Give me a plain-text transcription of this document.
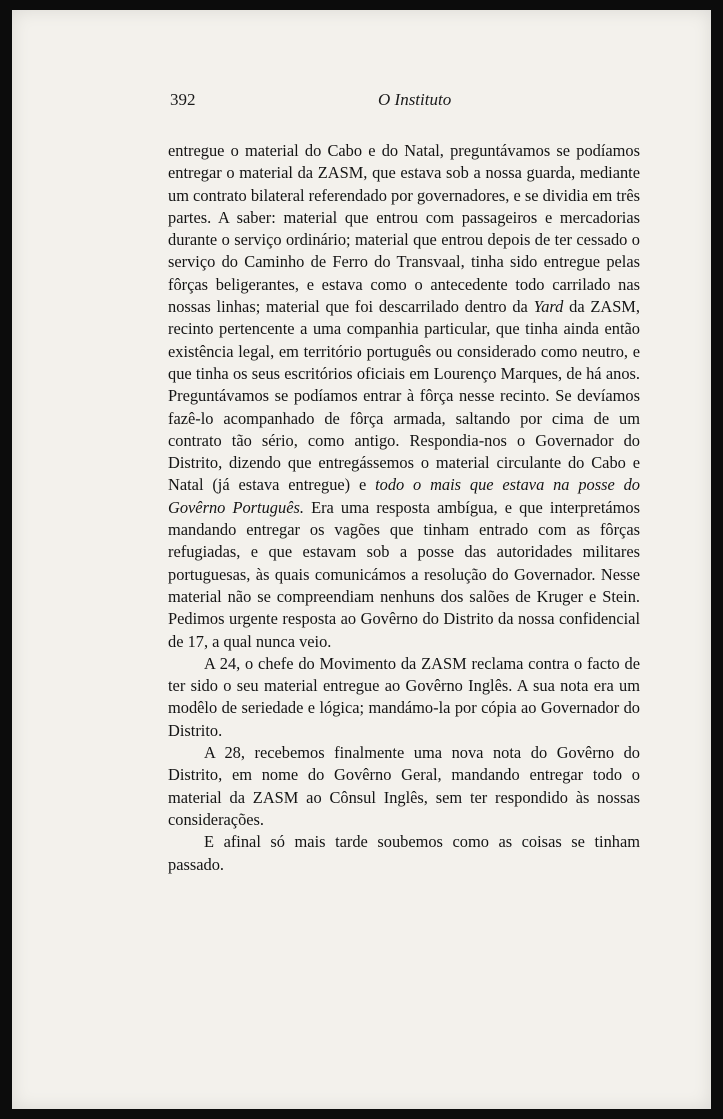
392	O Instituto

entregue o material do Cabo e do Natal, preguntávamos se podíamos entregar o material da ZASM, que estava sob a nossa guarda, mediante um contrato bilateral referendado por governadores, e se dividia em três partes. A saber: material que entrou com passageiros e mercadorias durante o serviço ordinário; material que entrou depois de ter cessado o serviço do Caminho de Ferro do Transvaal, tinha sido entregue pelas fôrças beligerantes, e estava como o antecedente todo carrilado nas nossas linhas; material que foi descarrilado dentro da Yard da ZASM, recinto pertencente a uma companhia particular, que tinha ainda então existência legal, em território português ou considerado como neutro, e que tinha os seus escritórios oficiais em Lourenço Marques, de há anos. Preguntávamos se podíamos entrar à fôrça nesse recinto. Se devíamos fazê-lo acompanhado de fôrça armada, saltando por cima de um contrato tão sério, como antigo. Respondia-nos o Governador do Distrito, dizendo que entregássemos o material circulante do Cabo e Natal (já estava entregue) e todo o mais que estava na posse do Govêrno Português. Era uma resposta ambígua, e que interpretámos mandando entregar os vagões que tinham entrado com as fôrças refugiadas, e que estavam sob a posse das autoridades militares portuguesas, às quais comunicámos a resolução do Governador. Nesse material não se compreendiam nenhuns dos salões de Kruger e Stein. Pedimos urgente resposta ao Govêrno do Distrito da nossa confidencial de 17, a qual nunca veio.

A 24, o chefe do Movimento da ZASM reclama contra o facto de ter sido o seu material entregue ao Govêrno Inglês. A sua nota era um modêlo de seriedade e lógica; mandámo-la por cópia ao Governador do Distrito.

A 28, recebemos finalmente uma nova nota do Govêrno do Distrito, em nome do Govêrno Geral, mandando entregar todo o material da ZASM ao Cônsul Inglês, sem ter respondido às nossas considerações.

E afinal só mais tarde soubemos como as coisas se tinham passado.
